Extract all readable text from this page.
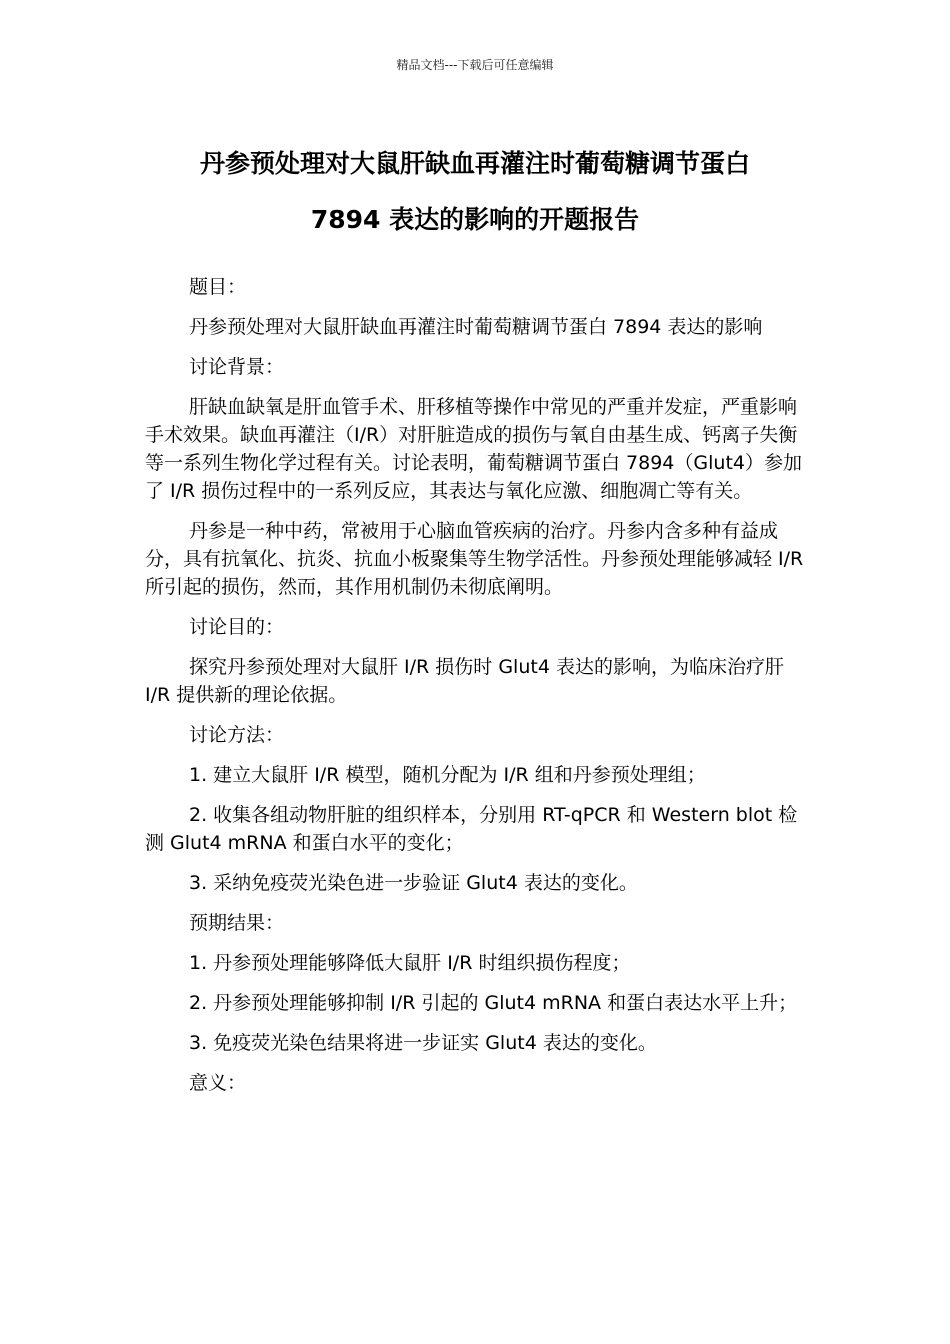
精品文档---下载后可任意编辑
丹参预处理对大鼠肝缺血再灌注时葡萄糖调节蛋白
7894 表达的影响的开题报告

题目：

丹参预处理对大鼠肝缺血再灌注时葡萄糖调节蛋白 7894 表达的影响

讨论背景：

肝缺血缺氧是肝血管手术、肝移植等操作中常见的严重并发症，严重影响手术效果。缺血再灌注（I/R）对肝脏造成的损伤与氧自由基生成、钙离子失衡等一系列生物化学过程有关。讨论表明，葡萄糖调节蛋白 7894（Glut4）参加了 I/R 损伤过程中的一系列反应，其表达与氧化应激、细胞凋亡等有关。

丹参是一种中药，常被用于心脑血管疾病的治疗。丹参内含多种有益成分，具有抗氧化、抗炎、抗血小板聚集等生物学活性。丹参预处理能够减轻 I/R 所引起的损伤，然而，其作用机制仍未彻底阐明。

讨论目的：

探究丹参预处理对大鼠肝 I/R 损伤时 Glut4 表达的影响，为临床治疗肝 I/R 提供新的理论依据。

讨论方法：

1. 建立大鼠肝 I/R 模型，随机分配为 I/R 组和丹参预处理组；

2. 收集各组动物肝脏的组织样本，分别用 RT-qPCR 和 Western blot 检测 Glut4 mRNA 和蛋白水平的变化；

3. 采纳免疫荧光染色进一步验证 Glut4 表达的变化。

预期结果：

1. 丹参预处理能够降低大鼠肝 I/R 时组织损伤程度；

2. 丹参预处理能够抑制 I/R 引起的 Glut4 mRNA 和蛋白表达水平上升；

3. 免疫荧光染色结果将进一步证实 Glut4 表达的变化。

意义：
